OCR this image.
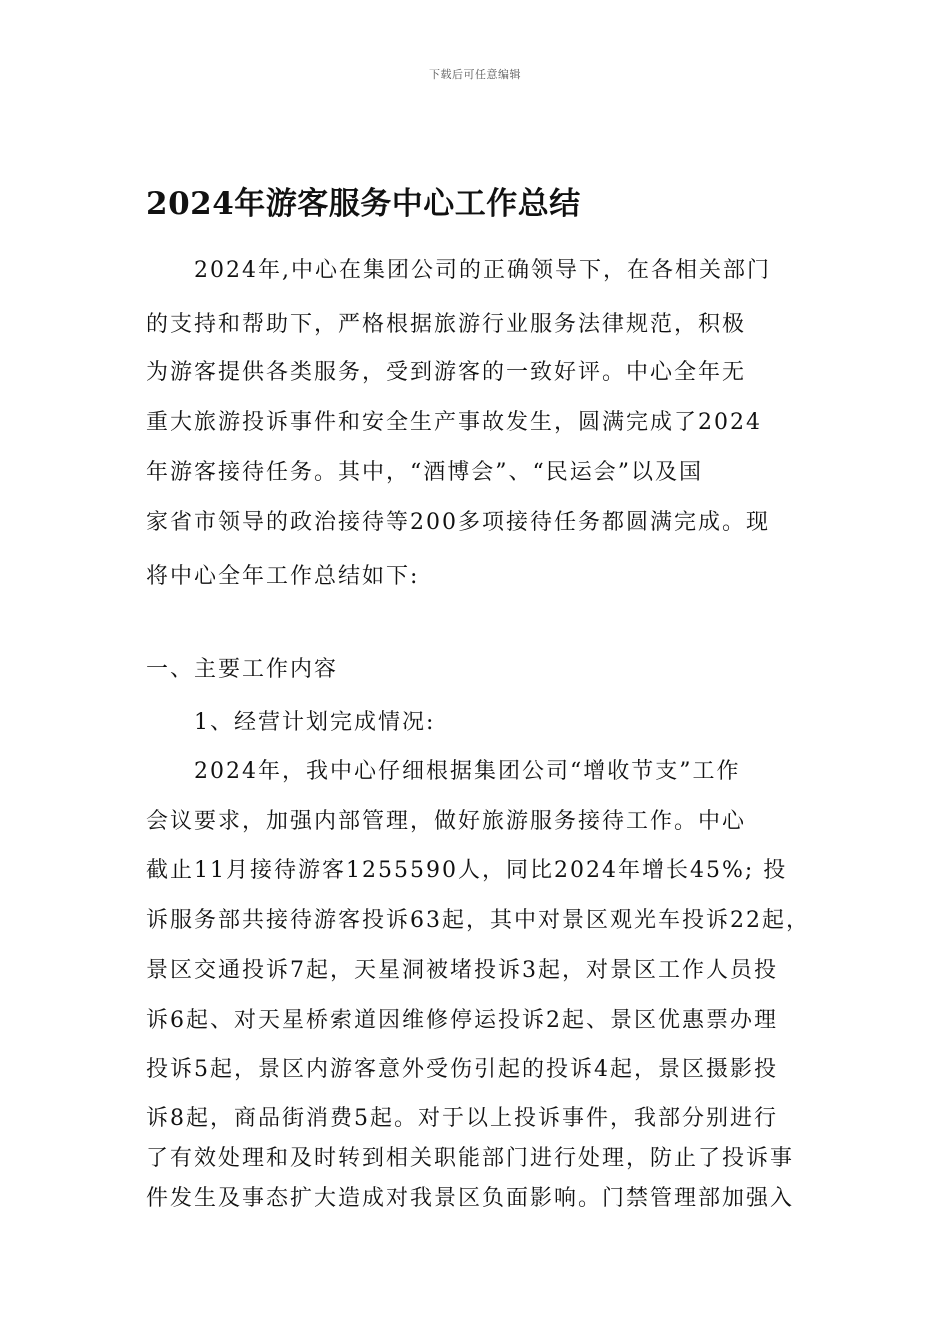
下载后可任意编辑
2024年游客服务中心工作总结

2024年,中心在集团公司的正确领导下，在各相关部门

的支持和帮助下，严格根据旅游行业服务法律规范，积极

为游客提供各类服务，受到游客的一致好评。中心全年无

重大旅游投诉事件和安全生产事故发生，圆满完成了2024

年游客接待任务。其中，“酒博会”、“民运会”以及国

家省市领导的政治接待等200多项接待任务都圆满完成。现

将中心全年工作总结如下:

一、主要工作内容

1、经营计划完成情况:

2024年，我中心仔细根据集团公司“增收节支”工作

会议要求，加强内部管理，做好旅游服务接待工作。中心

截止11月接待游客1255590人，同比2024年增长45%; 投

诉服务部共接待游客投诉63起，其中对景区观光车投诉22起，

景区交通投诉7起，天星洞被堵投诉3起，对景区工作人员投

诉6起、对天星桥索道因维修停运投诉2起、景区优惠票办理

投诉5起，景区内游客意外受伤引起的投诉4起，景区摄影投

诉8起，商品街消费5起。对于以上投诉事件，我部分别进行

了有效处理和及时转到相关职能部门进行处理，防止了投诉事

件发生及事态扩大造成对我景区负面影响。门禁管理部加强入
